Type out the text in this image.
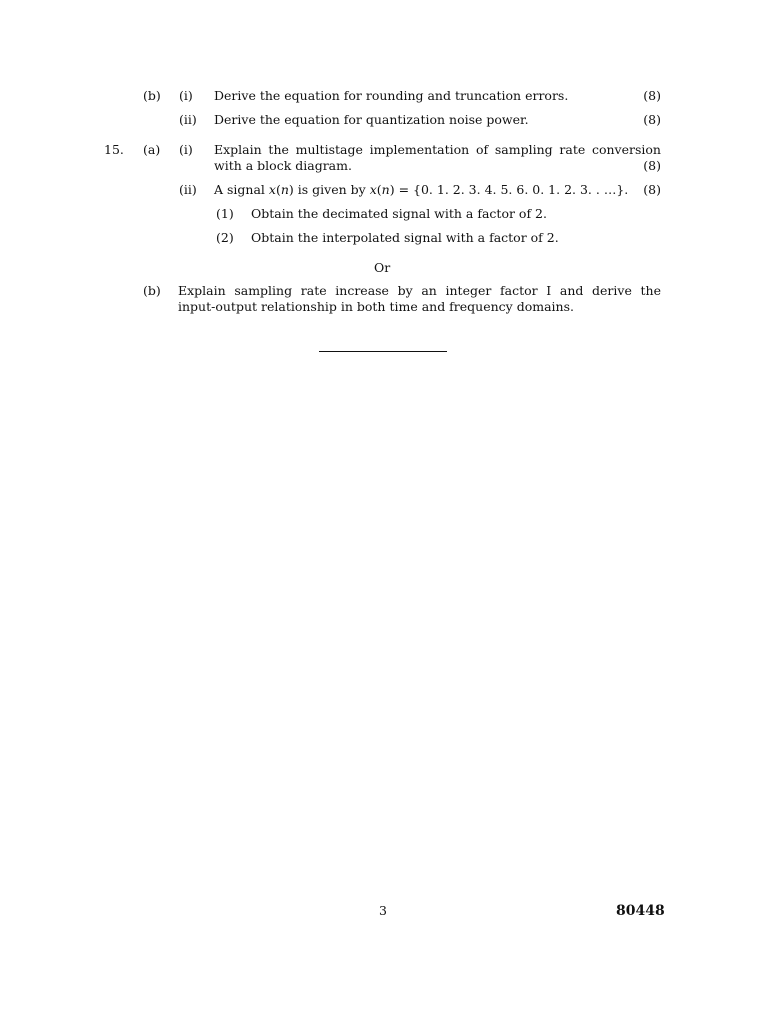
(b) (i) Derive the equation for rounding and truncation errors.	(8)
(ii) Derive the equation for quantization noise power.	(8)
15. (a) (i) Explain the multistage implementation of sampling rate conversion
with a block diagram.	(8)
(ii) A signal x(n) is given by x(n) = {0. 1. 2. 3. 4. 5. 6. 0. 1. 2. 3. . …}.	(8)
(1) Obtain the decimated signal with a factor of 2.
(2) Obtain the interpolated signal with a factor of 2.
Or
(b) Explain sampling rate increase by an integer factor I and derive the
input-output relationship in both time and frequency domains.
3	80448
